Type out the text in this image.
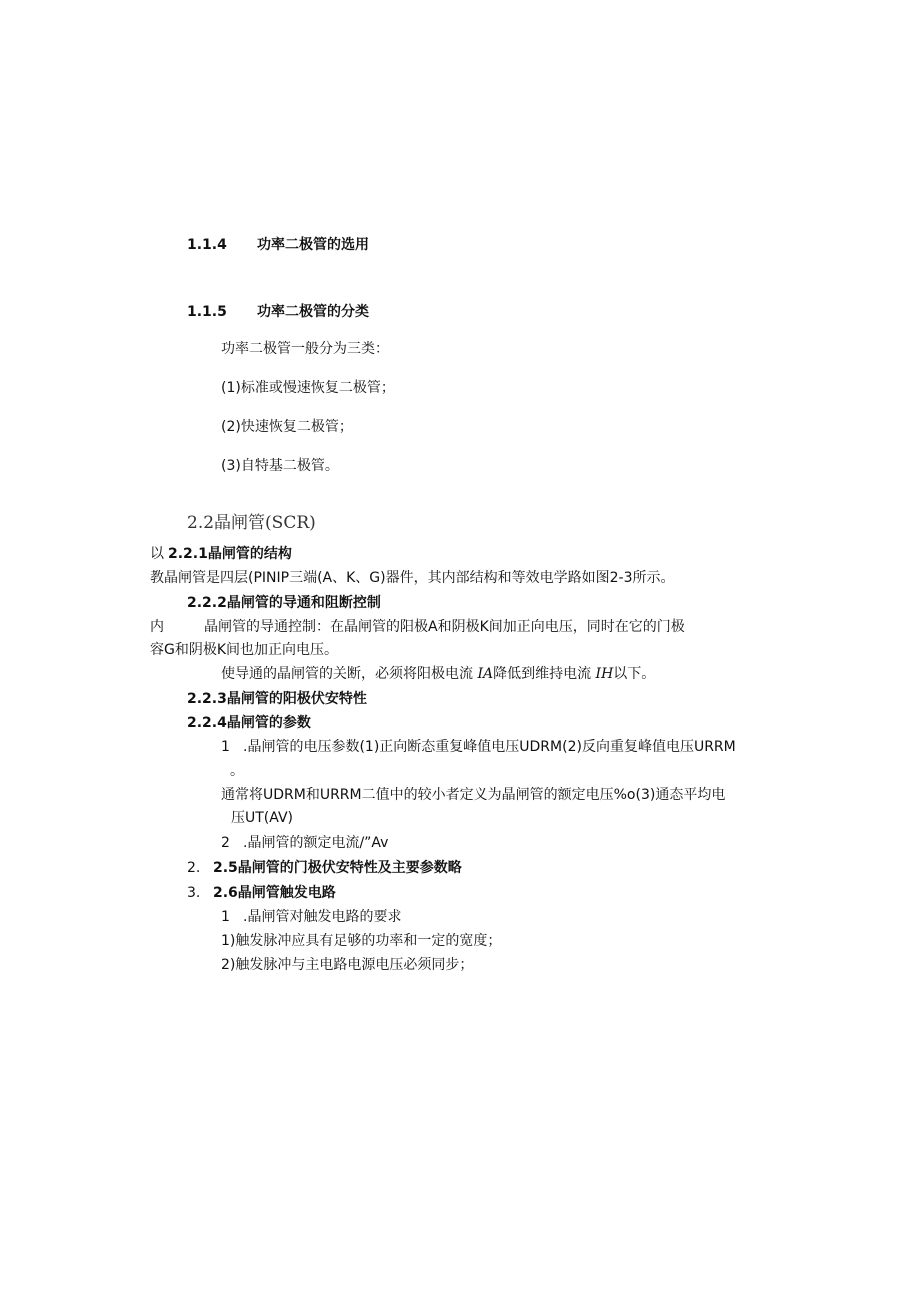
1.1.4 功率二极管的选用
1.1.5 功率二极管的分类
功率二极管一般分为三类：
(1)标准或慢速恢复二极管；
(2)快速恢复二极管；
(3)自特基二极管。
2.2晶闸管(SCR)
以 2.2.1晶闸管的结构
教晶闸管是四层(PINIP三端(A、K、G)器件，其内部结构和等效电学路如图2-3所示。
2.2.2晶闸管的导通和阻断控制
内	晶闸管的导通控制：在晶闸管的阳极A和阴极K间加正向电压，同时在它的门极
容G和阴极K间也加正向电压。
使导通的晶闸管的关断，必须将阳极电流 IA降低到维持电流 IH以下。
2.2.3晶闸管的阳极伏安特性
2.2.4晶闸管的参数
1 .晶闸管的电压参数(1)正向断态重复峰值电压UDRM(2)反向重复峰值电压URRM
。
通常将UDRM和URRM二值中的较小者定义为晶闸管的额定电压%o(3)通态平均电
压UT(AV)
2 .晶闸管的额定电流/”Av
2. 2.5晶闸管的门极伏安特性及主要参数略
3. 2.6晶闸管触发电路
1 .晶闸管对触发电路的要求
1)触发脉冲应具有足够的功率和一定的宽度；
2)触发脉冲与主电路电源电压必须同步；
